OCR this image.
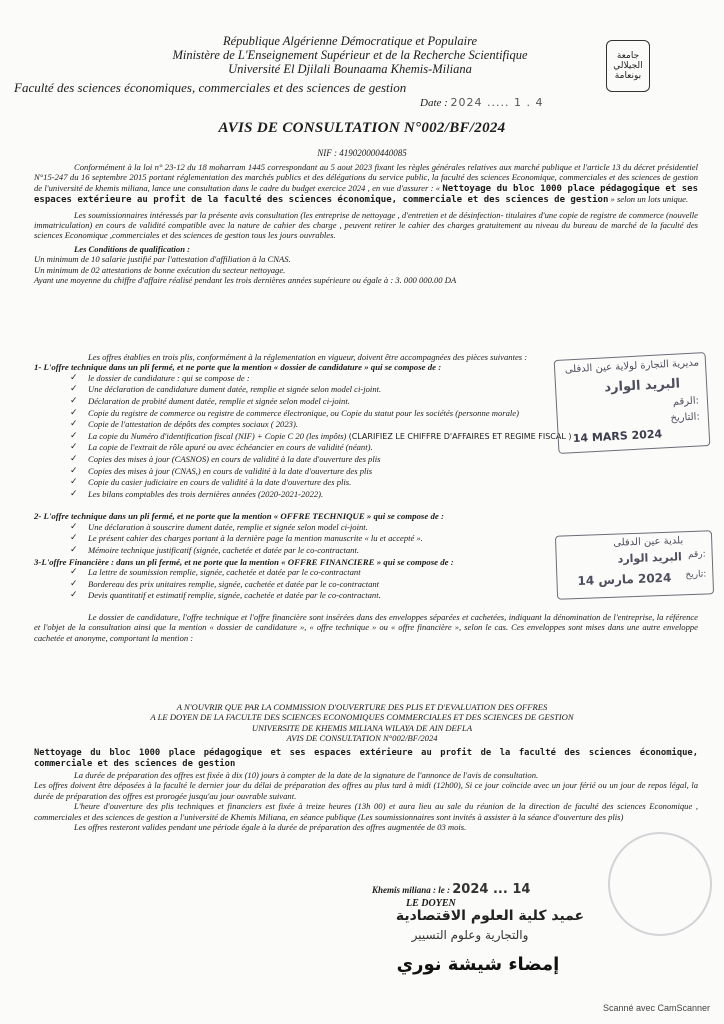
République Algérienne Démocratique et Populaire
Ministère de L'Enseignement Supérieur et de la Recherche Scientifique
Université El Djilali Bounaama Khemis-Miliana
Faculté des sciences économiques, commerciales et des sciences de gestion
Date : 2024 ..... 1 . 4
جامعة الجيلالي بونعامة
AVIS DE CONSULTATION N°002/BF/2024
NIF : 419020000440085
Conformément à la loi n° 23-12 du 18 moharram 1445 correspondant au 5 aout 2023 fixant les règles générales relatives aux marché publique et l'article 13 du décret présidentiel N°15-247 du 16 septembre 2015 portant réglementation des marchés publics et des délégations du service public, la faculté des sciences Economique, commerciales et des sciences de gestion de l'université de khemis miliana, lance une consultation dans le cadre du budget exercice 2024 , en vue d'assurer : « Nettoyage du bloc 1000 place pédagogique et ses espaces extérieure au profit de la faculté des sciences économique, commerciale et des sciences de gestion » selon un lots unique.
Les soumissionnaires intéressés par la présente avis consultation (les entreprise de nettoyage , d'entretien et de désinfection- titulaires d'une copie de registre de commerce (nouvelle immatriculation) en cours de validité compatible avec la nature de cahier des charge , peuvent retirer le cahier des charges gratuitement au niveau du bureau de marché de la faculté des sciences Economique ,commerciales et des sciences de gestion tous les jours ouvrables.
Les Conditions de qualification :
Un minimum de 10 salarie justifié par l'attestation d'affiliation à la CNAS.
Un minimum de 02 attestations de bonne exécution du secteur nettoyage.
Ayant une moyenne du chiffre d'affaire réalisé pendant les trois dernières années supérieure ou égale à : 3. 000 000.00 DA
Les offres établies en trois plis, conformément à la réglementation en vigueur, doivent être accompagnées des pièces suivantes :
1- L'offre technique dans un pli fermé, et ne porte que la mention « dossier de candidature » qui se compose de :
✓ le dossier de candidature : qui se compose de :
✓ Une déclaration de candidature dument datée, remplie et signée selon model ci-joint.
✓ Déclaration de probité dument datée, remplie et signée selon model ci-joint.
✓ Copie du registre de commerce ou registre de commerce électronique, ou Copie du statut pour les sociétés (personne morale)
✓ Copie de l'attestation de dépôts des comptes sociaux ( 2023).
✓ La copie du Numéro d'identification fiscal (NIF) + Copie C 20 (les impôts) (CLARIFIEZ LE CHIFFRE D'AFFAIRES ET REGIME FISCAL )
✓ La copie de l'extrait de rôle apuré ou avec échéancier en cours de validité (néant).
✓ Copies des mises à jour (CASNOS) en cours de validité à la date d'ouverture des plis
✓ Copies des mises à jour (CNAS,) en cours de validité à la date d'ouverture des plis
✓ Copie du casier judiciaire en cours de validité à la date d'ouverture des plis.
✓ Les bilans comptables des trois dernières années (2020-2021-2022).
2- L'offre technique dans un pli fermé, et ne porte que la mention « OFFRE TECHNIQUE » qui se compose de :
✓ Une déclaration à souscrire dument datée, remplie et signée selon model ci-joint.
✓ Le présent cahier des charges portant à la dernière page la mention manuscrite « lu et accepté ».
✓ Mémoire technique justificatif (signée, cachetée et datée par le co-contractant.
3-L'offre Financière : dans un pli fermé, et ne porte que la mention « OFFRE FINANCIERE » qui se compose de :
✓ La lettre de soumission remplie, signée, cachetée et datée par le co-contractant
✓ Bordereau des prix unitaires remplie, signée, cachetée et datée par le co-contractant
✓ Devis quantitatif et estimatif remplie, signée, cachetée et datée par le co-contractant.
Le dossier de candidature, l'offre technique et l'offre financière sont insérées dans des enveloppes séparées et cachetées, indiquant la dénomination de l'entreprise, la référence et l'objet de la consultation ainsi que la mention « dossier de candidature », « offre technique » ou « offre financière », selon le cas. Ces enveloppes sont mises dans une autre enveloppe cachetée et anonyme, comportant la mention :
A N'OUVRIR QUE PAR LA COMMISSION D'OUVERTURE DES PLIS ET D'EVALUATION DES OFFRES
A LE DOYEN DE LA FACULTE DES SCIENCES ECONOMIQUES COMMERCIALES ET DES SCIENCES DE GESTION
UNIVERSITE DE KHEMIS MILIANA WILAYA DE AIN DEFLA
AVIS DE CONSULTATION N°002/BF/2024
Nettoyage du bloc 1000 place pédagogique et ses espaces extérieure au profit de la faculté des sciences économique, commerciale et des sciences de gestion
La durée de préparation des offres est fixée à dix (10) jours à compter de la date de la signature de l'annonce de l'avis de consultation.
Les offres doivent être déposées à la faculté le dernier jour du délai de préparation des offres au plus tard à midi (12h00), Si ce jour coïncide avec un jour férié ou un jour de repos légal, la durée de préparation des offres est prorogée jusqu'au jour ouvrable suivant.
L'heure d'ouverture des plis techniques et financiers est fixée à treize heures (13h 00) et aura lieu au sale du réunion de la direction de faculté des sciences Economique , commerciales et des sciences de gestion a l'université de Khemis Miliana, en séance publique (Les soumissionnaires sont invités à assister à la séance d'ouverture des plis)
Les offres resteront valides pendant une période égale à la durée de préparation des offres augmentée de 03 mois.
Khemis miliana : le : 2024 ... 14
LE DOYEN
عميد كلية العلوم الاقتصادية
والتجارية وعلوم التسيير
إمضاء شيشة نوري
مديرية التجارة لولاية عين الدفلى
البريد الوارد
الرقم:
التاريخ:
14 MARS 2024
بلدية عين الدفلى
البريد الوارد رقم:
تاريخ:
2024 مارس 14
Scanné avec CamScanner
